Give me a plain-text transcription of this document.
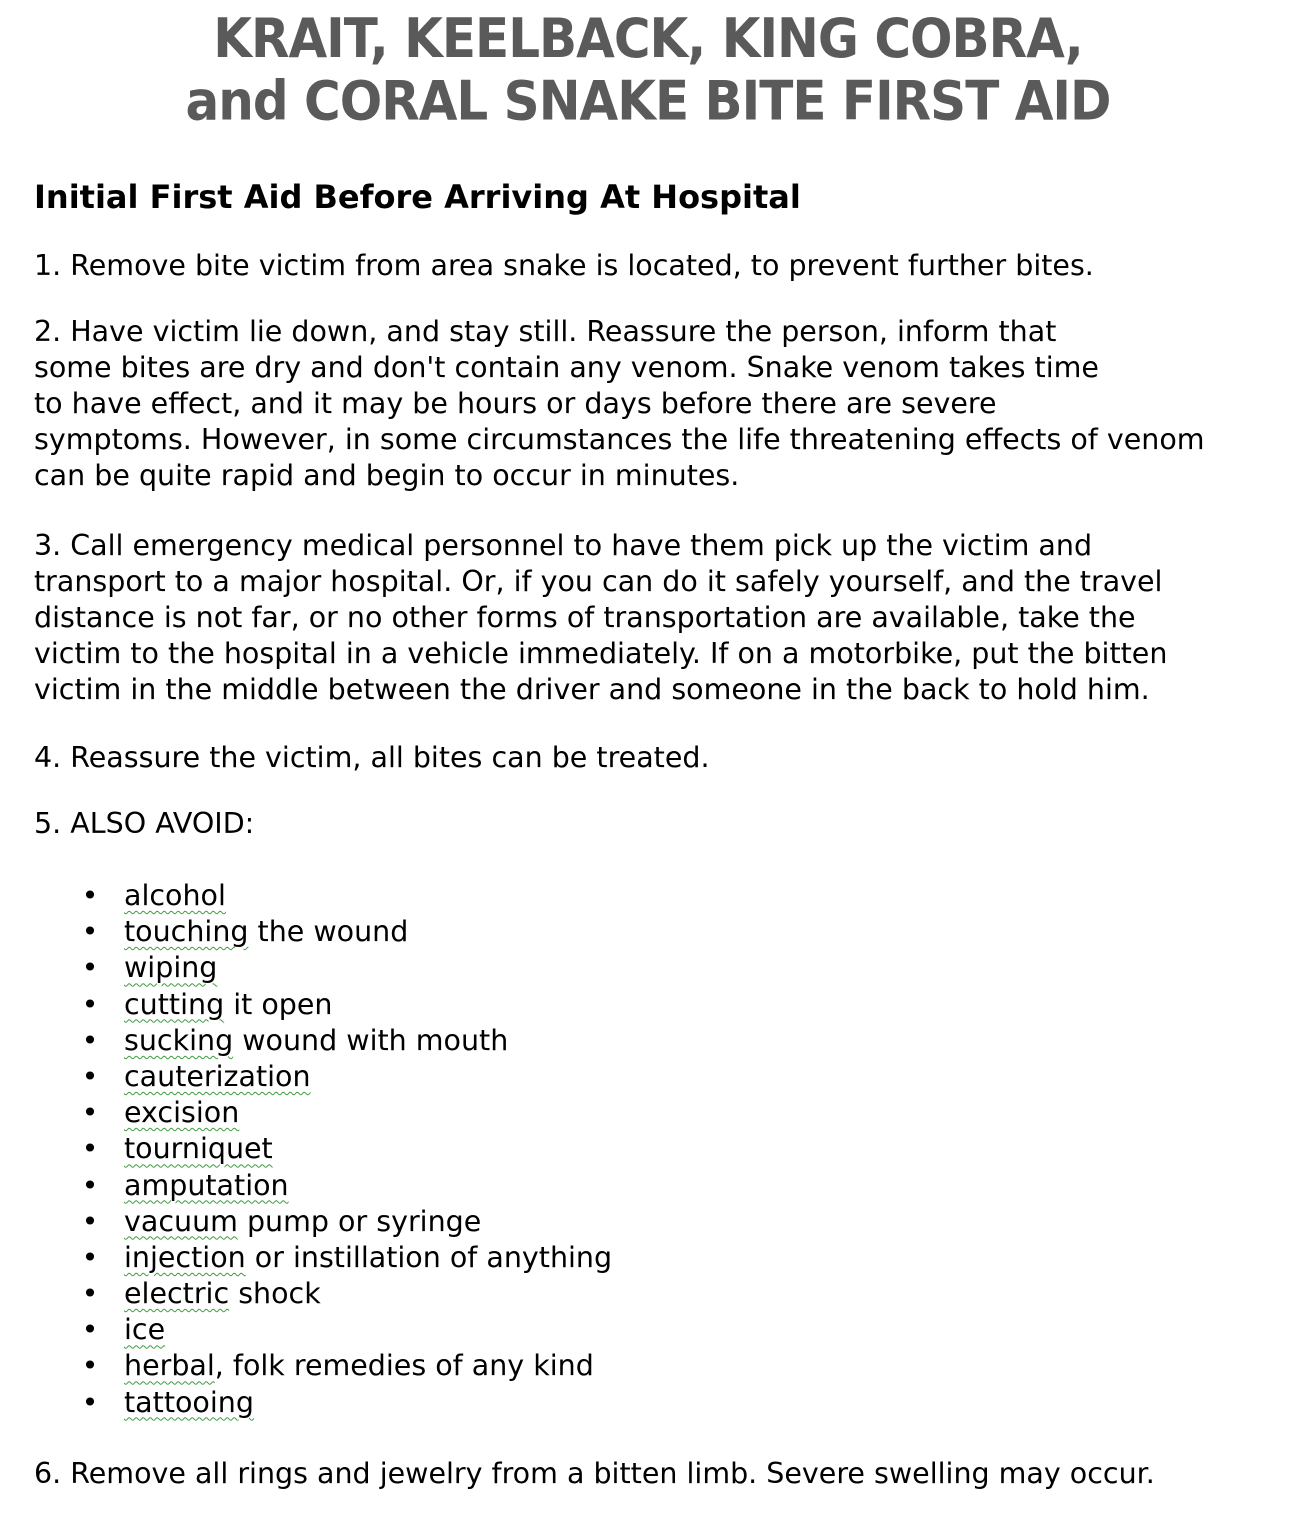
KRAIT, KEELBACK, KING COBRA,
and CORAL SNAKE BITE FIRST AID
Initial First Aid Before Arriving At Hospital
1. Remove bite victim from area snake is located, to prevent further bites.
2. Have victim lie down, and stay still. Reassure the person, inform that
some bites are dry and don't contain any venom. Snake venom takes time
to have effect, and it may be hours or days before there are severe
symptoms. However, in some circumstances the life threatening effects of venom
can be quite rapid and begin to occur in minutes.
3. Call emergency medical personnel to have them pick up the victim and
transport to a major hospital. Or, if you can do it safely yourself, and the travel
distance is not far, or no other forms of transportation are available, take the
victim to the hospital in a vehicle immediately. If on a motorbike, put the bitten
victim in the middle between the driver and someone in the back to hold him.
4. Reassure the victim, all bites can be treated.
5. ALSO AVOID:
• alcohol
• touching the wound
• wiping
• cutting it open
• sucking wound with mouth
• cauterization
• excision
• tourniquet
• amputation
• vacuum pump or syringe
• injection or instillation of anything
• electric shock
• ice
• herbal, folk remedies of any kind
• tattooing
6. Remove all rings and jewelry from a bitten limb. Severe swelling may occur.
